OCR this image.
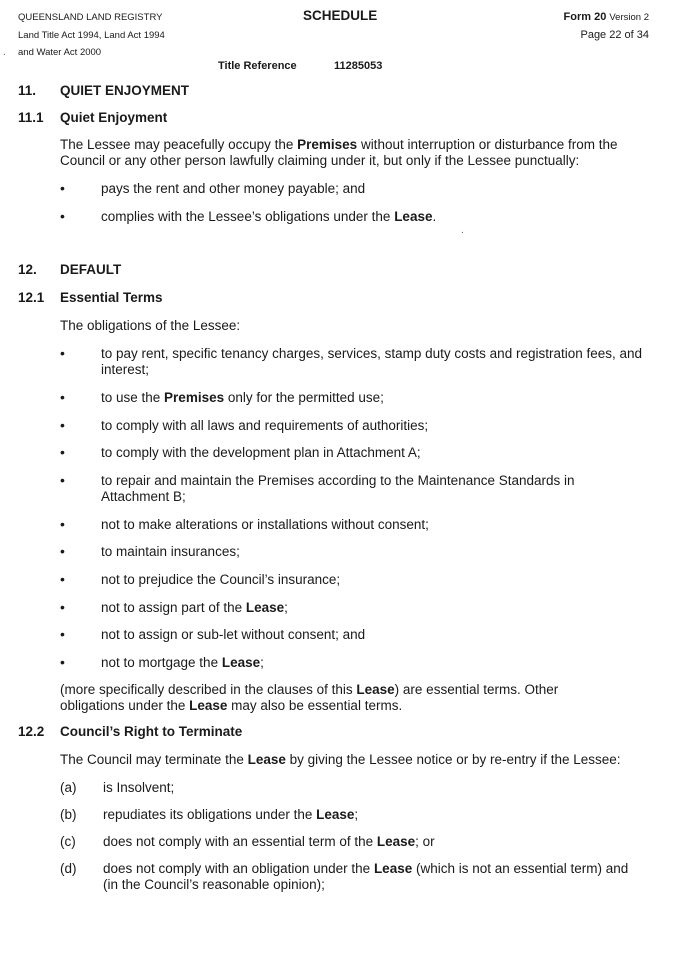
QUEENSLAND LAND REGISTRY
Land Title Act 1994, Land Act 1994
. and Water Act 2000
SCHEDULE	Form 20 Version 2
Page 22 of 34
Title Reference	11285053
11. QUIET ENJOYMENT
11.1 Quiet Enjoyment
The Lessee may peacefully occupy the Premises without interruption or disturbance from the Council or any other person lawfully claiming under it, but only if the Lessee punctually:
•	pays the rent and other money payable; and
•	complies with the Lessee’s obligations under the Lease.
.
12. DEFAULT
12.1 Essential Terms
The obligations of the Lessee:
•	to pay rent, specific tenancy charges, services, stamp duty costs and registration fees, and interest;
•	to use the Premises only for the permitted use;
•	to comply with all laws and requirements of authorities;
•	to comply with the development plan in Attachment A;
•	to repair and maintain the Premises according to the Maintenance Standards in Attachment B;
•	not to make alterations or installations without consent;
•	to maintain insurances;
•	not to prejudice the Council’s insurance;
•	not to assign part of the Lease;
•	not to assign or sub-let without consent; and
•	not to mortgage the Lease;
(more specifically described in the clauses of this Lease) are essential terms. Other obligations under the Lease may also be essential terms.
12.2 Council’s Right to Terminate
The Council may terminate the Lease by giving the Lessee notice or by re-entry if the Lessee:
(a) is Insolvent;
(b) repudiates its obligations under the Lease;
(c) does not comply with an essential term of the Lease; or
(d) does not comply with an obligation under the Lease (which is not an essential term) and (in the Council’s reasonable opinion);
